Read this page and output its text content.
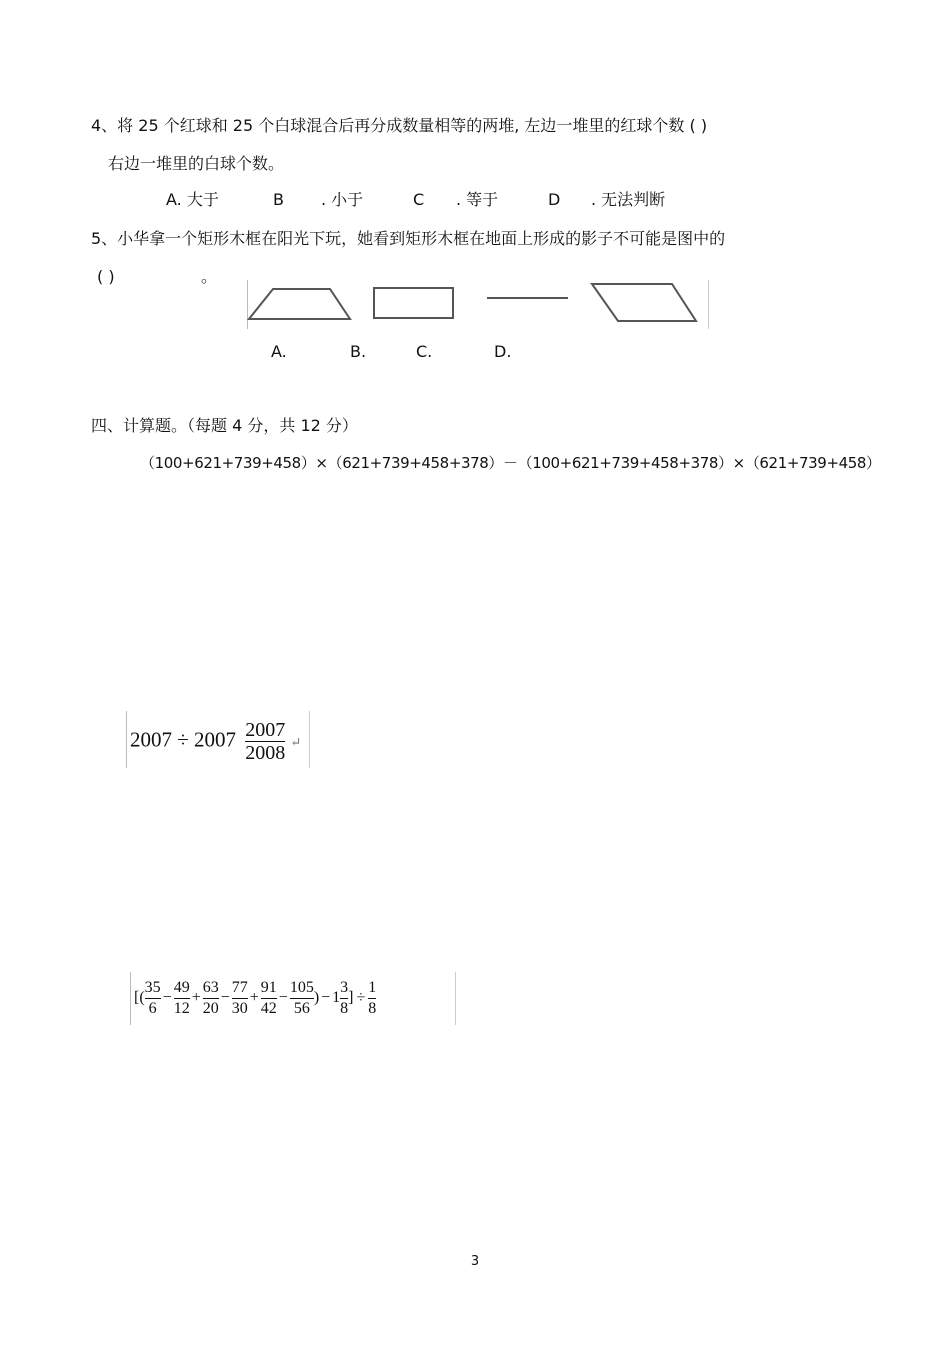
4、将 25 个红球和 25 个白球混合后再分成数量相等的两堆, 左边一堆里的红球个数 ( )
右边一堆里的白球个数。
A. 大于	B . 小于	C . 等于	D . 无法判断
5、小华拿一个矩形木框在阳光下玩，她看到矩形木框在地面上形成的影子不可能是图中的
( )	。
A.	B.	C.	D.
四、计算题。（每题 4 分，共 12 分）
（100+621+739+458）×（621+739+458+378）－（100+621+739+458+378）×（621+739+458）
$2007 \div 2007 \frac{2007}{2008}$ ↵
[( $\frac{35}{6} - \frac{49}{12} + \frac{63}{20} - \frac{77}{30} + \frac{91}{42} - \frac{105}{56}$ ) − $1 \frac{3}{8}$ ] ÷ $\frac{1}{8}$
3
